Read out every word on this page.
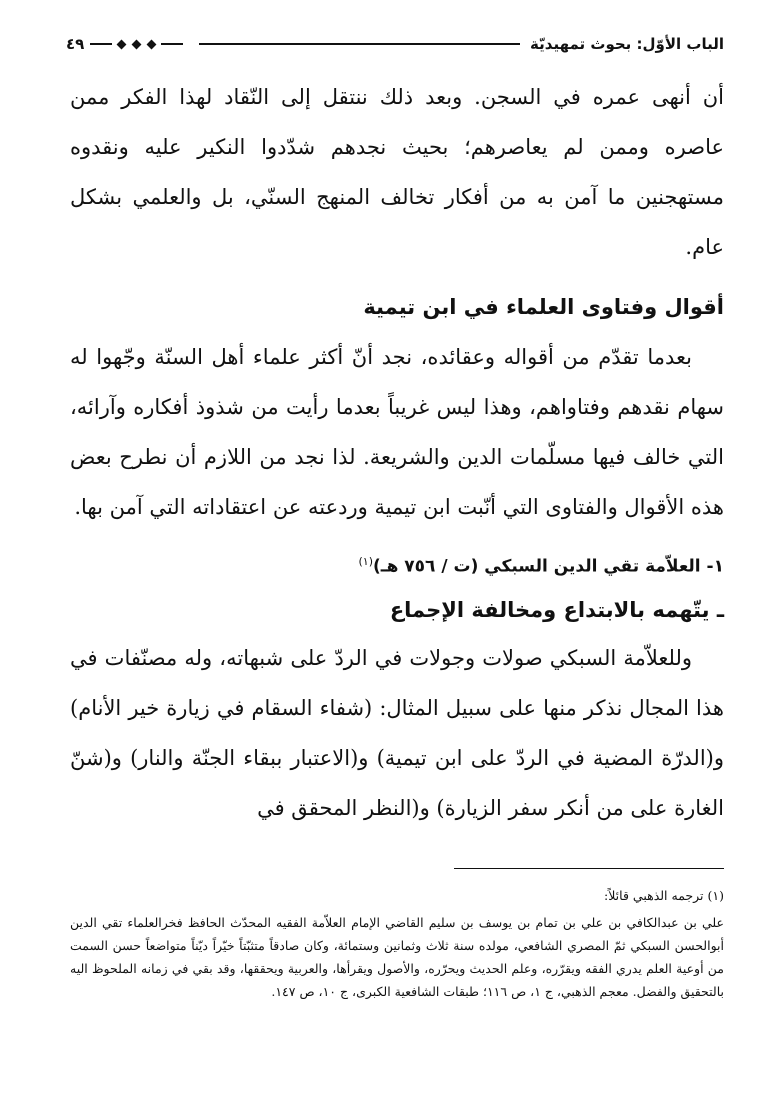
الباب الأوّل: بحوث تمهيديّة
٤٩

أن أنهى عمره في السجن. وبعد ذلك ننتقل إلى النّقاد لهذا الفكر ممن عاصره وممن لم يعاصرهم؛ بحيث نجدهم شدّدوا النكير عليه ونقدوه مستهجنين ما آمن به من أفكار تخالف المنهج السنّي، بل والعلمي بشكل عام.

أقوال وفتاوى العلماء في ابن تيمية

بعدما تقدّم من أقواله وعقائده، نجد أنّ أكثر علماء أهل السنّة وجّهوا له سهام نقدهم وفتاواهم، وهذا ليس غريباً بعدما رأيت من شذوذ أفكاره وآرائه، التي خالف فيها مسلّمات الدين والشريعة. لذا نجد من اللازم أن نطرح بعض هذه الأقوال والفتاوى التي أنّبت ابن تيمية وردعته عن اعتقاداته التي آمن بها.

١- العلاّمة تقي الدين السبكي (ت / ٧٥٦ هـ)$^{(١)}$
ـ يتّهمه بالابتداع ومخالفة الإجماع

وللعلاّمة السبكي صولات وجولات في الردّ على شبهاته، وله مصنّفات في هذا المجال نذكر منها على سبيل المثال: (شفاء السقام في زيارة خير الأنام) و(الدرّة المضية في الردّ على ابن تيمية) و(الاعتبار ببقاء الجنّة والنار) و(شنّ الغارة على من أنكر سفر الزيارة) و(النظر المحقق في

(١) ترجمه الذهبي قائلاً:

علي بن عبدالكافي بن علي بن تمام بن يوسف بن سليم القاضي الإمام العلاّمة الفقيه المحدّث الحافظ فخرالعلماء تقي الدين أبوالحسن السبكي ثمّ المصري الشافعي، مولده سنة ثلاث وثمانين وستمائة، وكان صادقاً متثبّتاً خيّراً ديّناً متواضعاً حسن السمت من أوعية العلم يدري الفقه ويقرّره، وعلم الحديث ويحرّره، والأصول ويقرأها، والعربية ويحققها، وقد بقي في زمانه الملحوظ اليه بالتحقيق والفضل. معجم الذهبي، ج ١، ص ١١٦؛ طبقات الشافعية الكبرى، ج ١٠، ص ١٤٧.
